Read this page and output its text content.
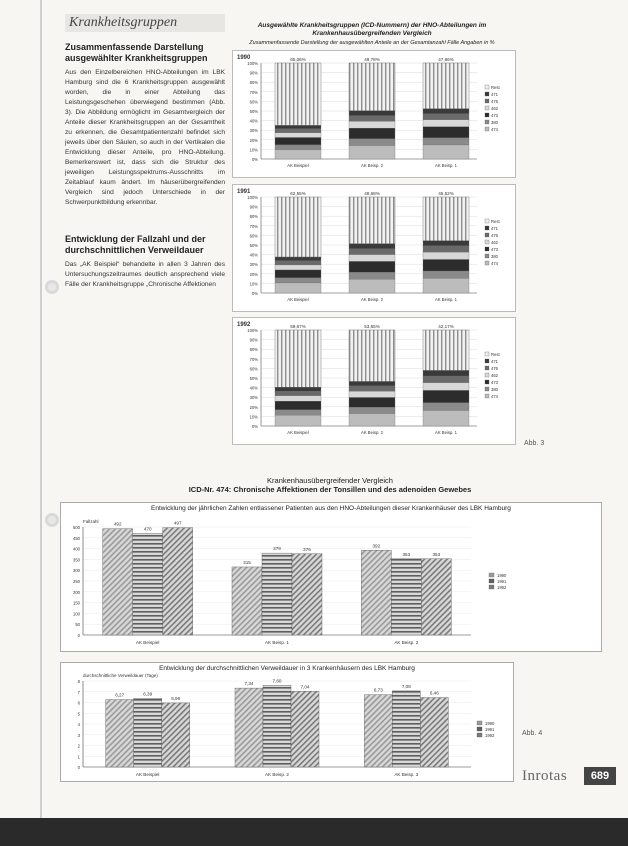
Krankheitsgruppen
Zusammenfassende Darstellung ausgewählter Krankheitsgruppen

Aus den Einzelbereichen HNO-Abteilungen im LBK Hamburg sind die 6 Krankheitsgruppen ausgewählt worden, die in einer Abteilung das Leistungsgeschehen überwiegend bestimmen (Abb. 3). Die Abbildung ermöglicht im Gesamtvergleich der Anteile dieser Krankheitsgruppen an der Gesamtheit zu erkennen, die Gesamtpatientenzahl befindet sich jeweils über den Säulen, so auch in der Vertikalen die Entwicklung dieser Anteile, pro HNO-Abteilung. Bemerkenswert ist, dass sich die Struktur des jeweiligen Leistungsspektrums-Ausschnitts im Zeitablauf kaum ändert. Im häuserübergreifenden Vergleich sind jedoch Unterschiede in der Schwerpunktbildung erkennbar.

Entwicklung der Fallzahl und der durchschnittlichen Verweildauer

Das „AK Beispiel“ behandelte in allen 3 Jahren des Untersuchungszeitraumes deutlich ansprechend viele Fälle der Krankheitsgruppe „Chronische Affektionen

Ausgewählte Krankheitsgruppen (ICD-Nummern) der HNO-Abteilungen im Krankenhausübergreifenden Vergleich
Zusammenfassende Darstellung der ausgewählten Anteile an der Gesamtanzahl Fälle Angaben in %
1990
100%
90%
80%
70%
60%
50%
40%
30%
20%
10%
0%
65,06%
AK Beispiel
49,78%
AK Beisp. 2
47,66%
AK Beisp. 1
Rest
471
476
462
473
380
474
1991
100%
90%
80%
70%
60%
50%
40%
30%
20%
10%
0%
62,55%
AK Beispiel
48,68%
AK Beisp. 2
45,52%
AK Beisp. 1
Rest
471
476
462
473
380
474
1992
100%
90%
80%
70%
60%
50%
40%
30%
20%
10%
0%
59,67%
AK Beispiel
53,65%
AK Beisp. 2
42,17%
AK Beisp. 1
Rest
471
476
462
473
380
474
Abb. 3
Krankenhausübergreifender Vergleich
ICD-Nr. 474: Chronische Affektionen der Tonsillen und des adenoiden Gewebes
Entwicklung der jährlichen Zahlen entlassener Patienten aus den HNO-Abteilungen dieser Krankenhäuser des LBK Hamburg
Fallzahl
0
50
100
150
200
250
300
350
400
450
500
492
470
497
AK Beispiel
315
379	376
AK Beisp. 1
392
353	353
AK Beisp. 2
1990
1991
1992
Entwicklung der durchschnittlichen Verweildauer in 3 Krankenhäusern des LBK Hamburg
durchschnittliche Verweildauer (Tage)
0
1
2
3
4
5
6
7
8
6,27	6,39
5,96
AK Beispiel
7,34
7,60
7,04
AK Beisp. 2
6,73
7,08
6,46
AK Beisp. 3
1990
1991
1992	Abb. 4
Inrotas	689
